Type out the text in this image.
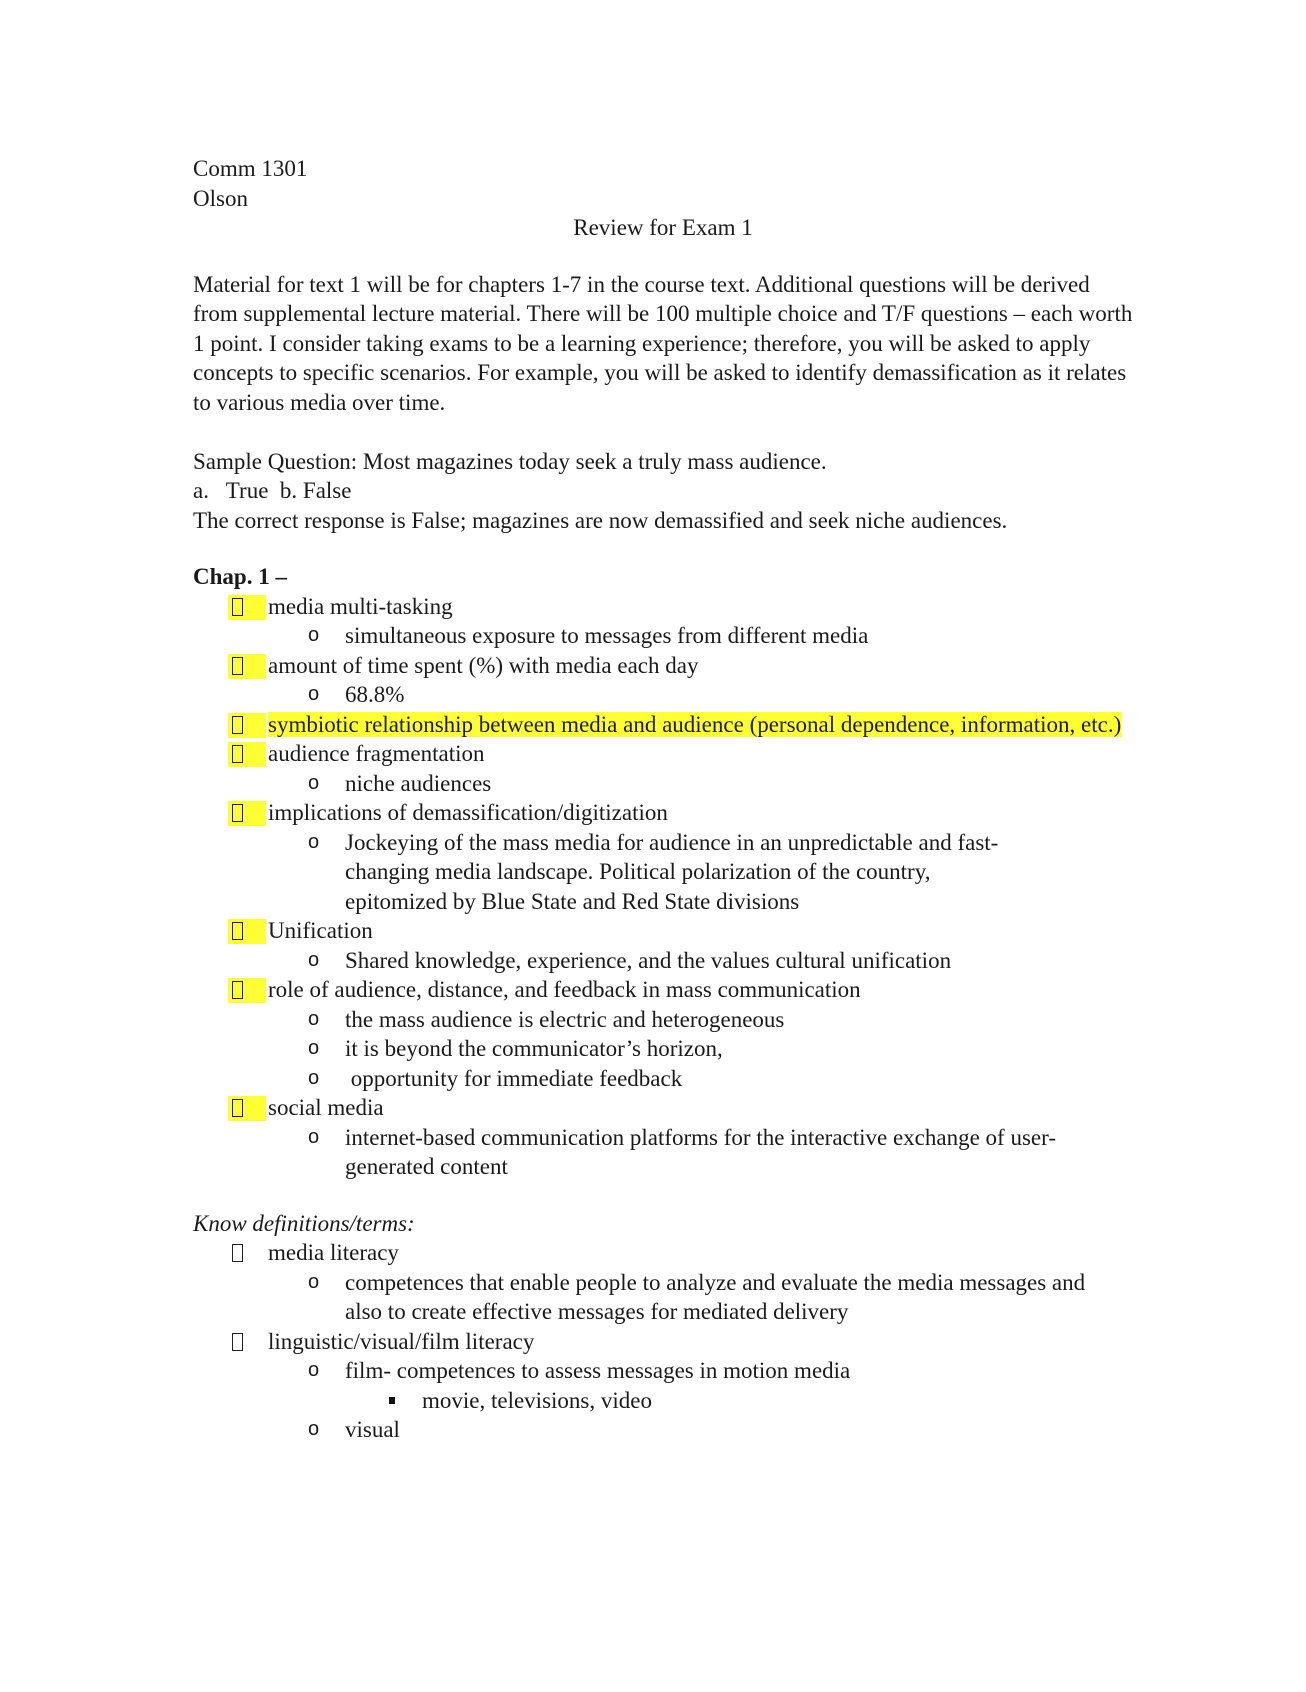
Comm 1301

Olson

Review for Exam 1

Material for text 1 will be for chapters 1-7 in the course text. Additional questions will be derived from supplemental lecture material. There will be 100 multiple choice and T/F questions – each worth 1 point. I consider taking exams to be a learning experience; therefore, you will be asked to apply concepts to specific scenarios. For example, you will be asked to identify demassification as it relates to various media over time.

Sample Question: Most magazines today seek a truly mass audience.

a.   True  b. False

The correct response is False; magazines are now demassified and seek niche audiences.

Chap. 1 –

media multi-tasking
o simultaneous exposure to messages from different media
amount of time spent (%) with media each day
o 68.8%
symbiotic relationship between media and audience (personal dependence, information, etc.)
audience fragmentation
o niche audiences
implications of demassification/digitization
o Jockeying of the mass media for audience in an unpredictable and fast-changing media landscape. Political polarization of the country, epitomized by Blue State and Red State divisions
Unification
o Shared knowledge, experience, and the values cultural unification
role of audience, distance, and feedback in mass communication
o the mass audience is electric and heterogeneous
o it is beyond the communicator’s horizon,
o opportunity for immediate feedback
social media
o internet-based communication platforms for the interactive exchange of user-generated content

Know definitions/terms:

media literacy
o competences that enable people to analyze and evaluate the media messages and also to create effective messages for mediated delivery
linguistic/visual/film literacy
o film- competences to assess messages in motion media
movie, televisions, video
o visual
